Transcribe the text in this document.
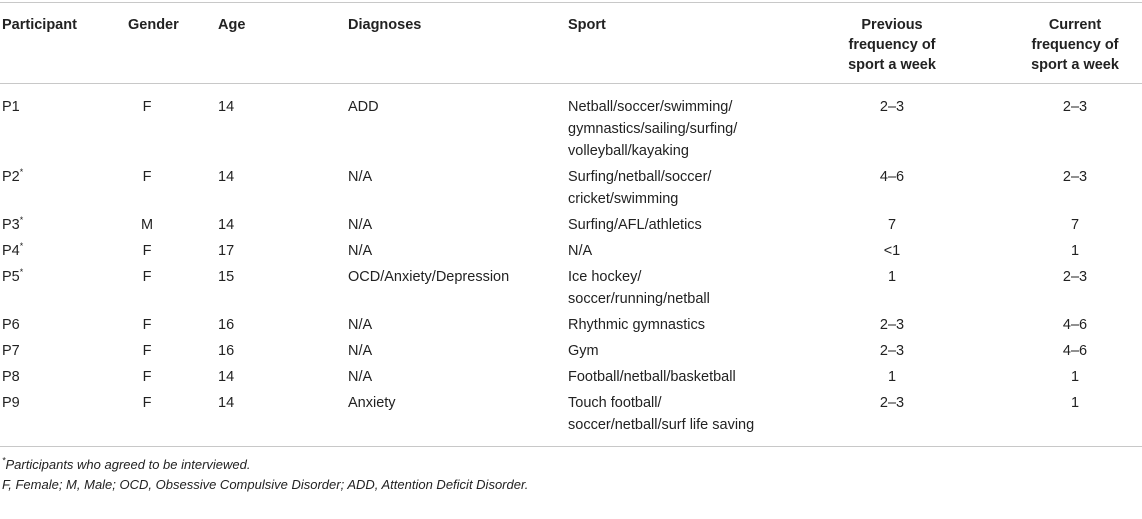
Participant	Gender	Age	Diagnoses	Sport	Previous frequency of sport a week	Current frequency of sport a week
P1	F	14	ADD	Netball/soccer/swimming/ gymnastics/sailing/surfing/ volleyball/kayaking	2–3	2–3
P2*	F	14	N/A	Surfing/netball/soccer/ cricket/swimming	4–6	2–3
P3*	M	14	N/A	Surfing/AFL/athletics	7	7
P4*	F	17	N/A	N/A	<1	1
P5*	F	15	OCD/Anxiety/Depression	Ice hockey/ soccer/running/netball	1	2–3
P6	F	16	N/A	Rhythmic gymnastics	2–3	4–6
P7	F	16	N/A	Gym	2–3	4–6
P8	F	14	N/A	Football/netball/basketball	1	1
P9	F	14	Anxiety	Touch football/ soccer/netball/surf life saving	2–3	1
*Participants who agreed to be interviewed.
F, Female; M, Male; OCD, Obsessive Compulsive Disorder; ADD, Attention Deficit Disorder.
